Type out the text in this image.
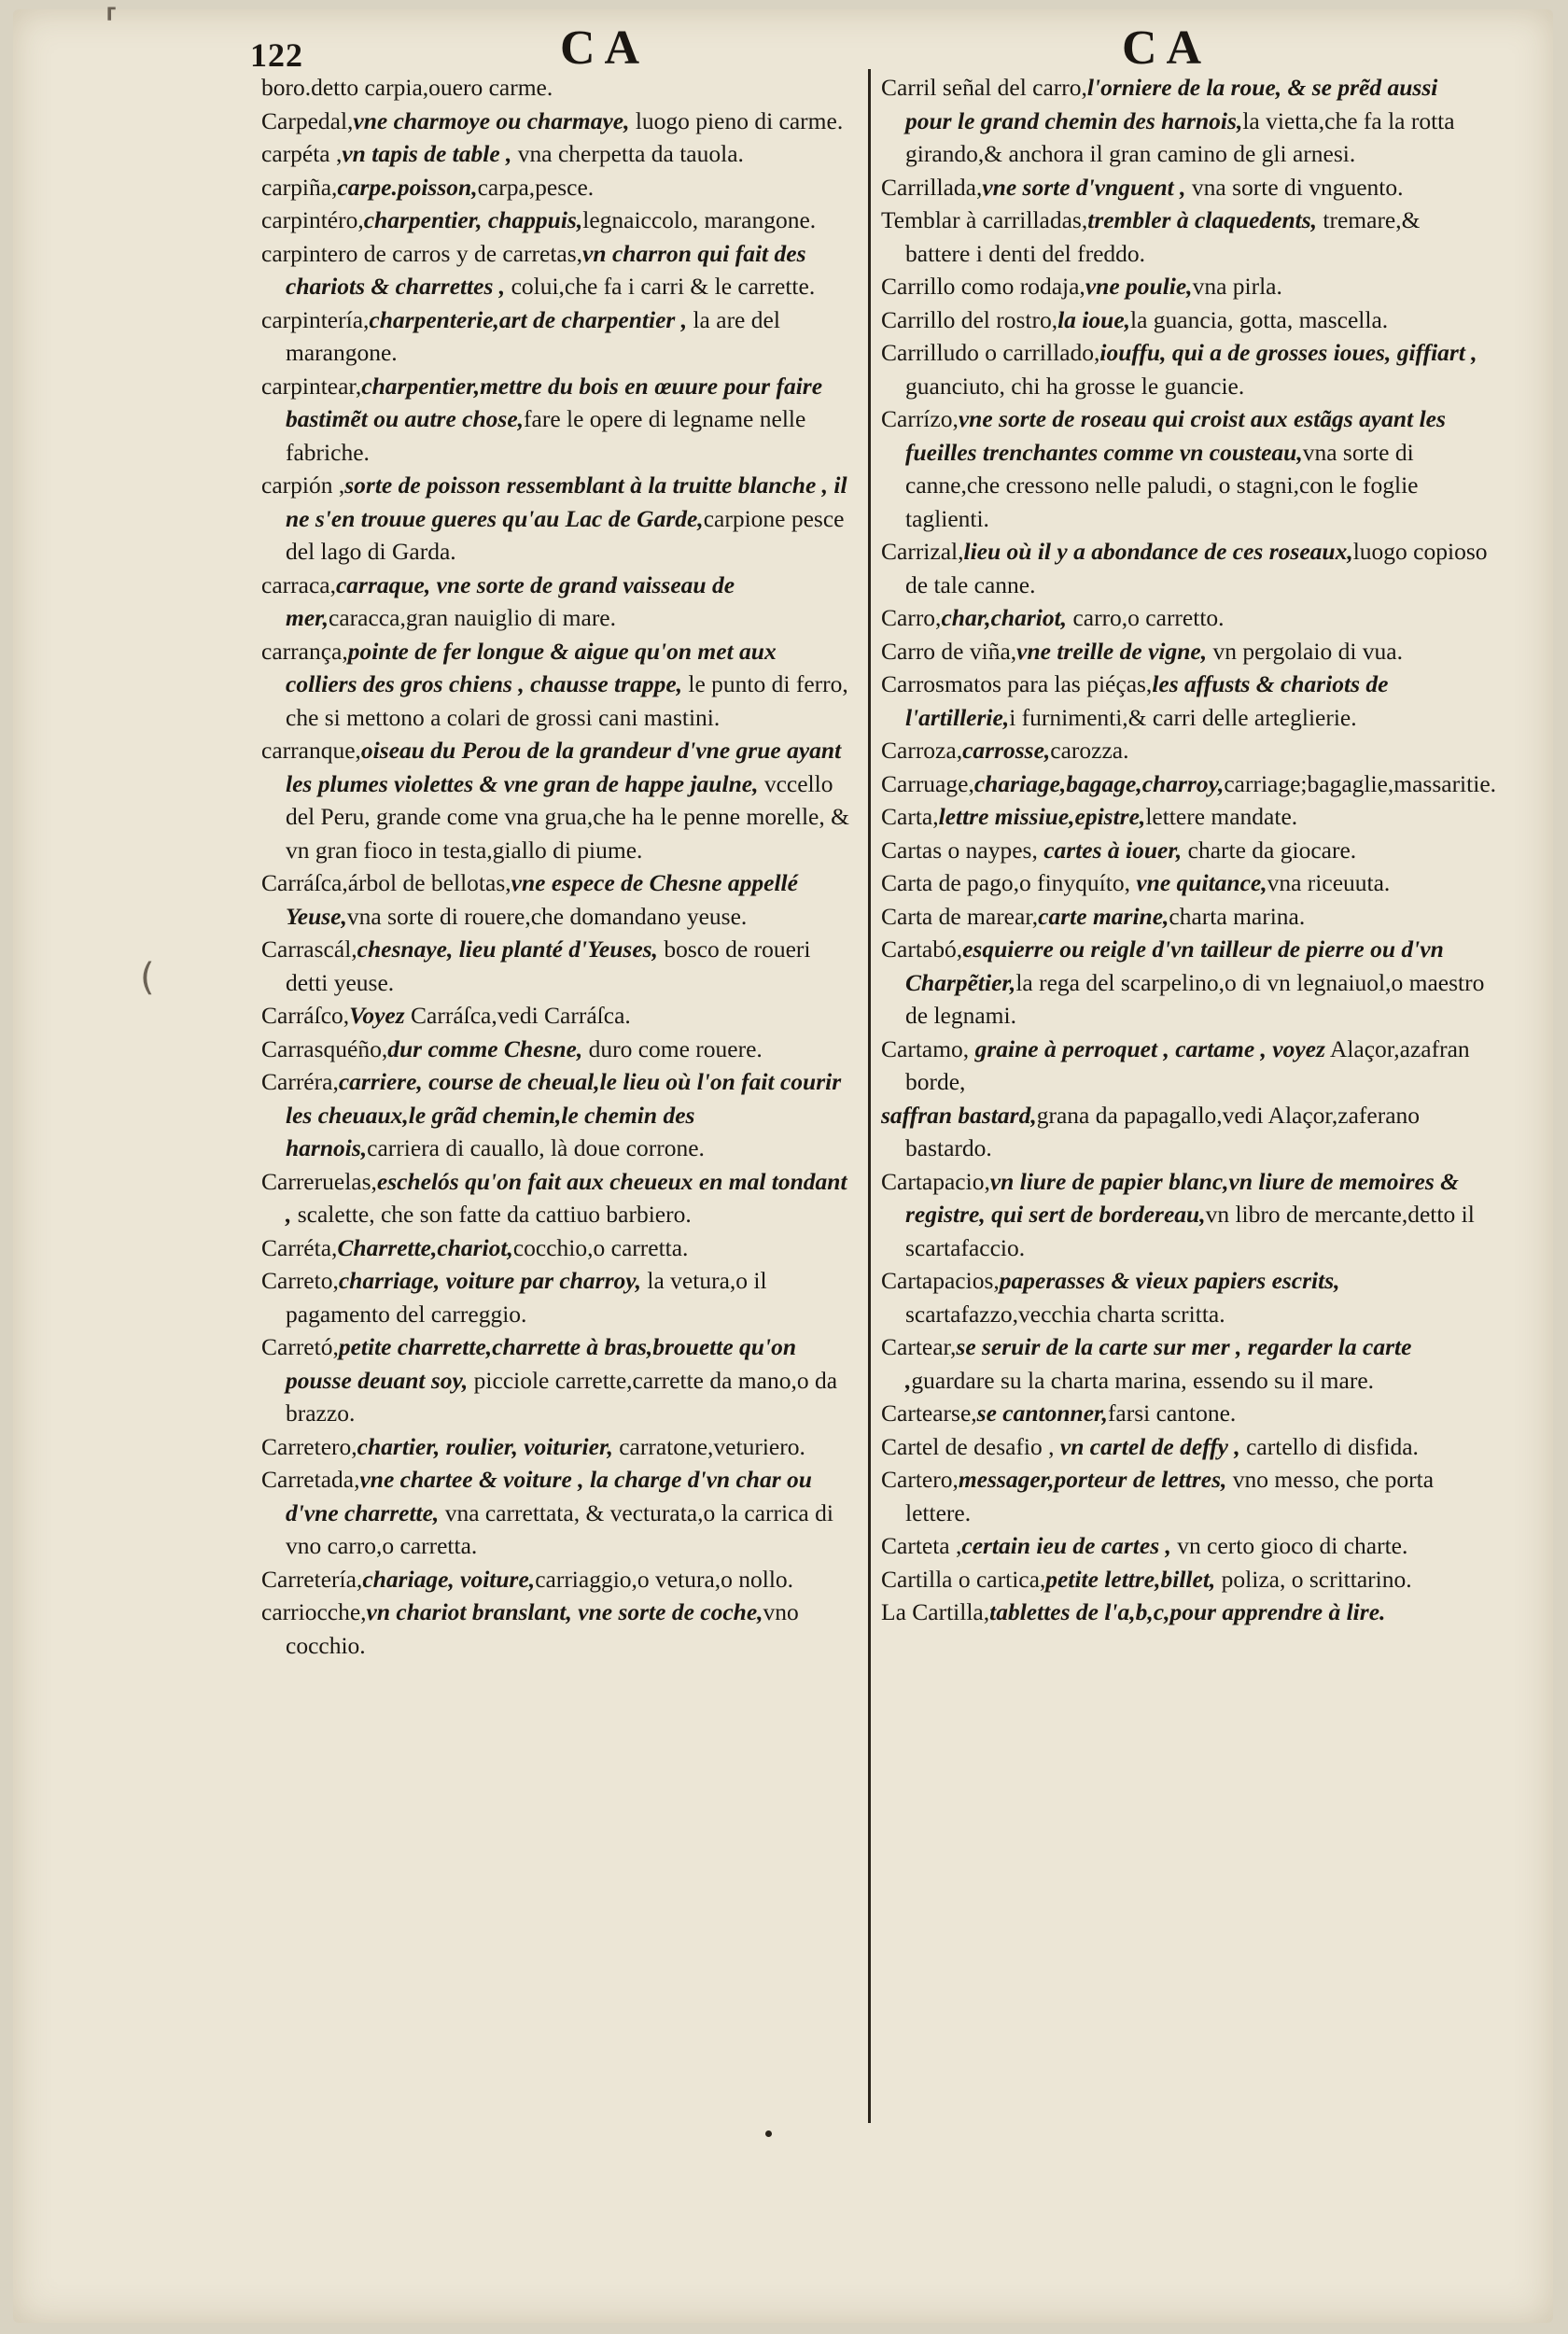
122	CA	CA

boro.detto carpia,ouero carme.

Carpedal,vne charmoye ou charmaye, luogo pieno di carme.

carpéta ,vn tapis de table , vna cherpetta da tauola.

carpiña,carpe.poisson,carpa,pesce.

carpintéro,charpentier, chappuis,legnaiccolo, marangone.

carpintero de carros y de carretas,vn charron qui fait des chariots & charrettes , colui,che fa i carri & le carrette.

carpintería,charpenterie,art de charpentier , la are del marangone.

carpintear,charpentier,mettre du bois en œuure pour faire bastimẽt ou autre chose,fare le opere di legname nelle fabriche.

carpión ,sorte de poisson ressemblant à la truitte blanche , il ne s'en trouue gueres qu'au Lac de Garde,carpione pesce del lago di Garda.

carraca,carraque, vne sorte de grand vaisseau de mer,caracca,gran nauiglio di mare.

carrança,pointe de fer longue & aigue qu'on met aux colliers des gros chiens , chausse trappe, le punto di ferro, che si mettono a colari de grossi cani mastini.

carranque,oiseau du Perou de la grandeur d'vne grue ayant les plumes violettes & vne gran de happe jaulne, vccello del Peru, grande come vna grua,che ha le penne morelle, & vn gran fioco in testa,giallo di piume.

Carráſca,árbol de bellotas,vne espece de Chesne appellé Yeuse,vna sorte di rouere,che domandano yeuse.

Carrascál,chesnaye, lieu planté d'Yeuses, bosco de roueri detti yeuse.

Carráſco,Voyez Carráſca,vedi Carráſca.

Carrasquéño,dur comme Chesne, duro come rouere.

Carréra,carriere, course de cheual,le lieu où l'on fait courir les cheuaux,le grãd chemin,le chemin des harnois,carriera di cauallo, là doue corrone.

Carreruelas,eschelós qu'on fait aux cheueux en mal tondant , scalette, che son fatte da cattiuo barbiero.

Carréta,Charrette,chariot,cocchio,o carretta.

Carreto,charriage, voiture par charroy, la vetura,o il pagamento del carreggio.

Carretó,petite charrette,charrette à bras,brouette qu'on pousse deuant soy, picciole carrette,carrette da mano,o da brazzo.

Carretero,chartier, roulier, voiturier, carratone,veturiero.

Carretada,vne chartee & voiture , la charge d'vn char ou d'vne charrette, vna carrettata, & vecturata,o la carrica di vno carro,o carretta.

Carretería,chariage, voiture,carriaggio,o vetura,o nollo.

carriocche,vn chariot branslant, vne sorte de coche,vno cocchio.

Carril señal del carro,l'orniere de la roue, & se prẽd aussi pour le grand chemin des harnois,la vietta,che fa la rotta girando,& anchora il gran camino de gli arnesi.

Carrillada,vne sorte d'vnguent , vna sorte di vnguento.

Temblar à carrilladas,trembler à claquedents, tremare,& battere i denti del freddo.

Carrillo como rodaja,vne poulie,vna pirla.

Carrillo del rostro,la ioue,la guancia, gotta, mascella.

Carrilludo o carrillado,iouffu, qui a de grosses ioues, giffiart , guanciuto, chi ha grosse le guancie.

Carrízo,vne sorte de roseau qui croist aux estãgs ayant les fueilles trenchantes comme vn cousteau,vna sorte di canne,che cressono nelle paludi, o stagni,con le foglie taglienti.

Carrizal,lieu où il y a abondance de ces roseaux,luogo copioso de tale canne.

Carro,char,chariot, carro,o carretto.

Carro de viña,vne treille de vigne, vn pergolaio di vua.

Carrosmatos para las piéças,les affusts & chariots de l'artillerie,i furnimenti,& carri delle arteglierie.

Carroza,carrosse,carozza.

Carruage,chariage,bagage,charroy,carriage;bagaglie,massaritie.

Carta,lettre missiue,epistre,lettere mandate.

Cartas o naypes, cartes à iouer, charte da giocare.

Carta de pago,o finyquíto, vne quitance,vna riceuuta.

Carta de marear,carte marine,charta marina.

Cartabó,esquierre ou reigle d'vn tailleur de pierre ou d'vn Charpẽtier,la rega del scarpelino,o di vn legnaiuol,o maestro de legnami.

Cartamo, graine à perroquet , cartame , voyez Alaçor,azafran borde,

saffran bastard,grana da papagallo,vedi Alaçor,zaferano bastardo.

Cartapacio,vn liure de papier blanc,vn liure de memoires & registre, qui sert de bordereau,vn libro de mercante,detto il scartafaccio.

Cartapacios,paperasses & vieux papiers escrits, scartafazzo,vecchia charta scritta.

Cartear,se seruir de la carte sur mer , regarder la carte ,guardare su la charta marina, essendo su il mare.

Cartearse,se cantonner,farsi cantone.

Cartel de desafio , vn cartel de deffy , cartello di disfida.

Cartero,messager,porteur de lettres, vno messo, che porta lettere.

Carteta ,certain ieu de cartes , vn certo gioco di charte.

Cartilla o cartica,petite lettre,billet, poliza, o scrittarino.

La Cartilla,tablettes de l'a,b,c,pour apprendre à lire.

⸢
(
